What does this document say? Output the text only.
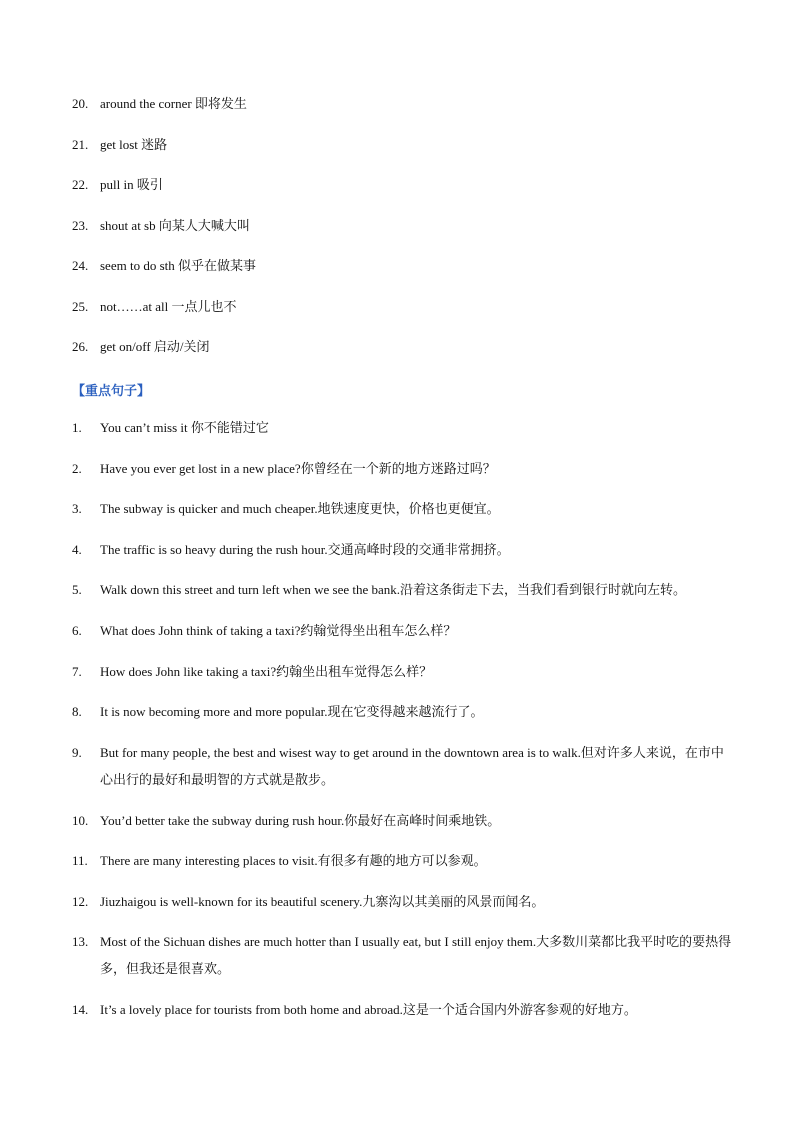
20. around the corner 即将发生
21. get lost 迷路
22. pull in 吸引
23. shout at sb 向某人大喊大叫
24. seem to do sth 似乎在做某事
25. not……at all 一点儿也不
26. get on/off 启动/关闭
【重点句子】
1.	You can’t miss it 你不能错过它
2.	Have you ever get lost in a new place?你曾经在一个新的地方迷路过吗？
3.	The subway is quicker and much cheaper.地铁速度更快，价格也更便宜。
4.	The traffic is so heavy during the rush hour.交通高峰时段的交通非常拥挤。
5.	Walk down this street and turn left when we see the bank.沿着这条街走下去，当我们看到银行时就向左转。
6.	What does John think of taking a taxi?约翰觉得坐出租车怎么样？
7.	How does John like taking a taxi?约翰坐出租车觉得怎么样？
8.	It is now becoming more and more popular.现在它变得越来越流行了。
9.	But for many people, the best and wisest way to get around in the downtown area is to walk.但对许多人来说，在市中心出行的最好和最明智的方式就是散步。
10. You’d better take the subway during rush hour.你最好在高峰时间乘地铁。
11. There are many interesting places to visit.有很多有趣的地方可以参观。
12. Jiuzhaigou is well-known for its beautiful scenery.九寨沟以其美丽的风景而闻名。
13. Most of the Sichuan dishes are much hotter than I usually eat, but I still enjoy them.大多数川菜都比我平时吃的要热得多，但我还是很喜欢。
14. It’s a lovely place for tourists from both home and abroad.这是一个适合国内外游客参观的好地方。
